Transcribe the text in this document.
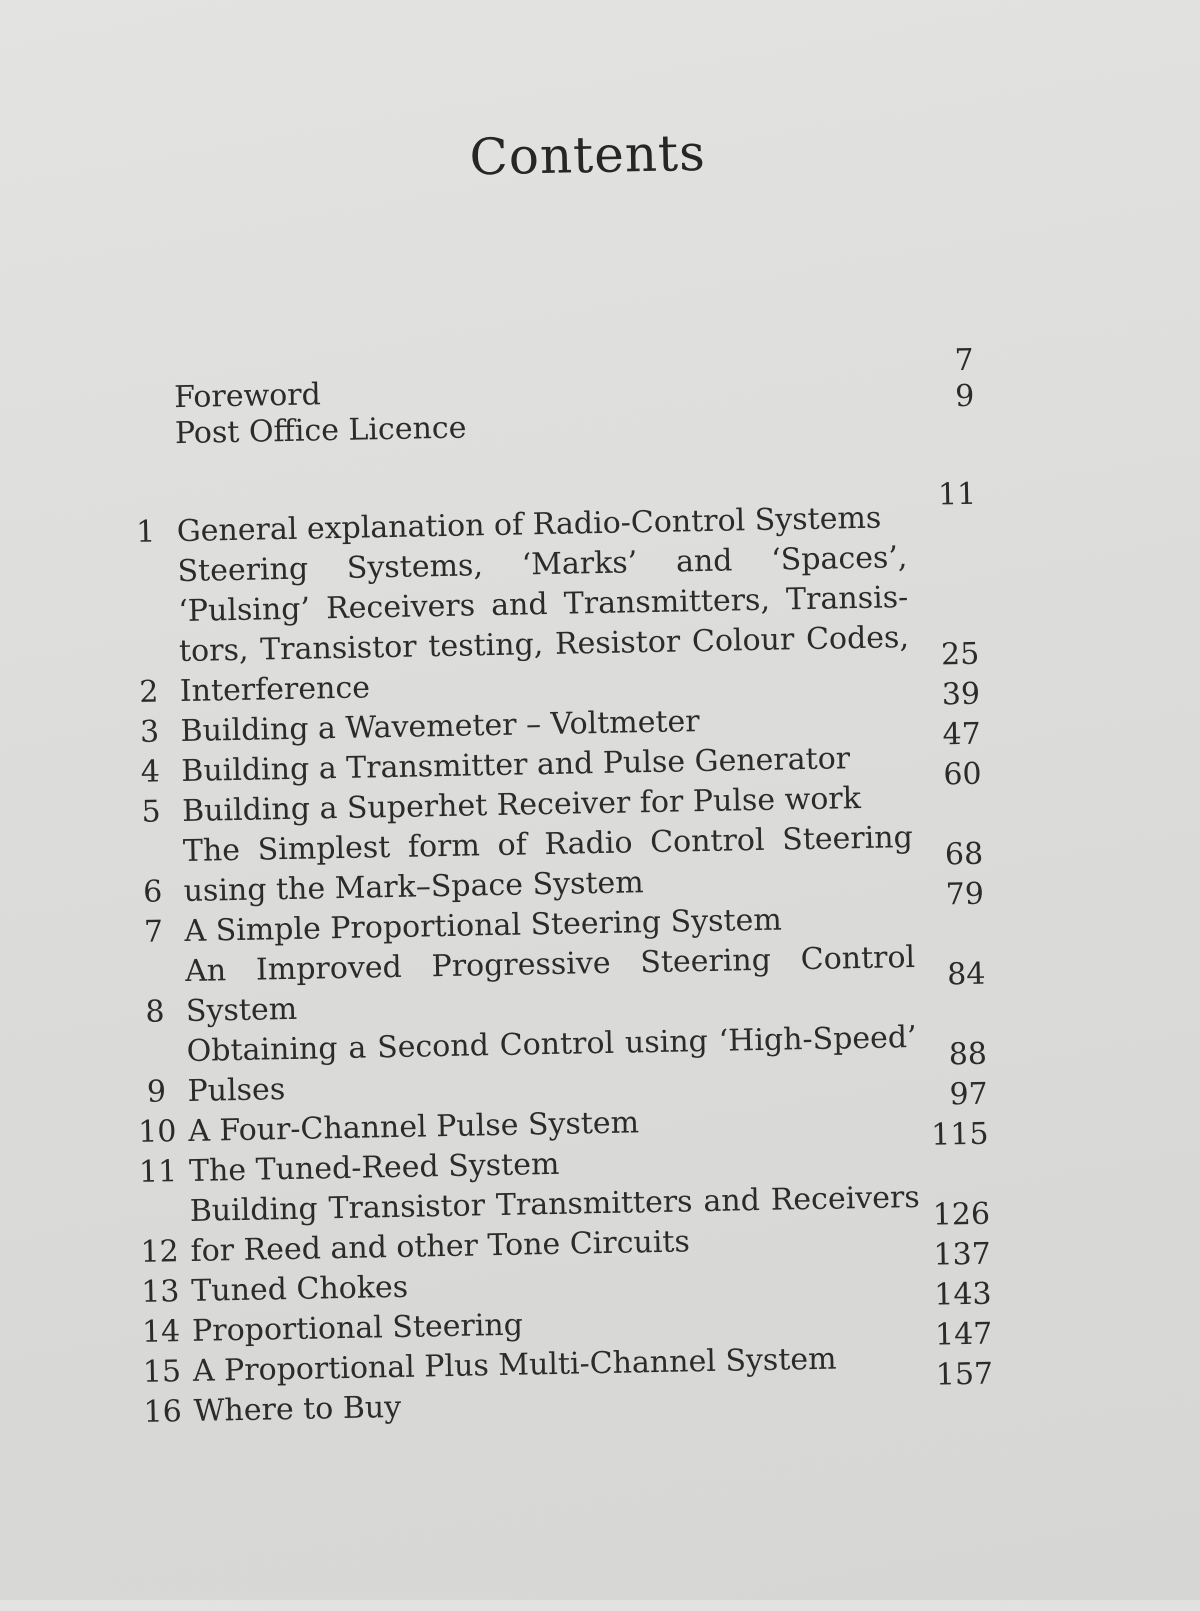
Contents
Foreword
7
Post Office Licence
9
1 General explanation of Radio-Control Systems
11
2
Steering Systems, ‘Marks’ and ‘Spaces’, ‘Pulsing’ Receivers and Transmitters, Transis-tors, Transistor testing, Resistor Colour Codes, Interference
25
3 Building a Wavemeter – Voltmeter
39
4 Building a Transmitter and Pulse Generator
47
5 Building a Superhet Receiver for Pulse work
60
6
The Simplest form of Radio Control Steering using the Mark–Space System
68
7 A Simple Proportional Steering System
79
8
An Improved Progressive Steering Control System
84
9
Obtaining a Second Control using ‘High-Speed’ Pulses
88
10 A Four-Channel Pulse System
97
11 The Tuned-Reed System
115
12
Building Transistor Transmitters and Receivers for Reed and other Tone Circuits
126
13 Tuned Chokes
137
14 Proportional Steering
143
15 A Proportional Plus Multi-Channel System
147
16 Where to Buy
157
